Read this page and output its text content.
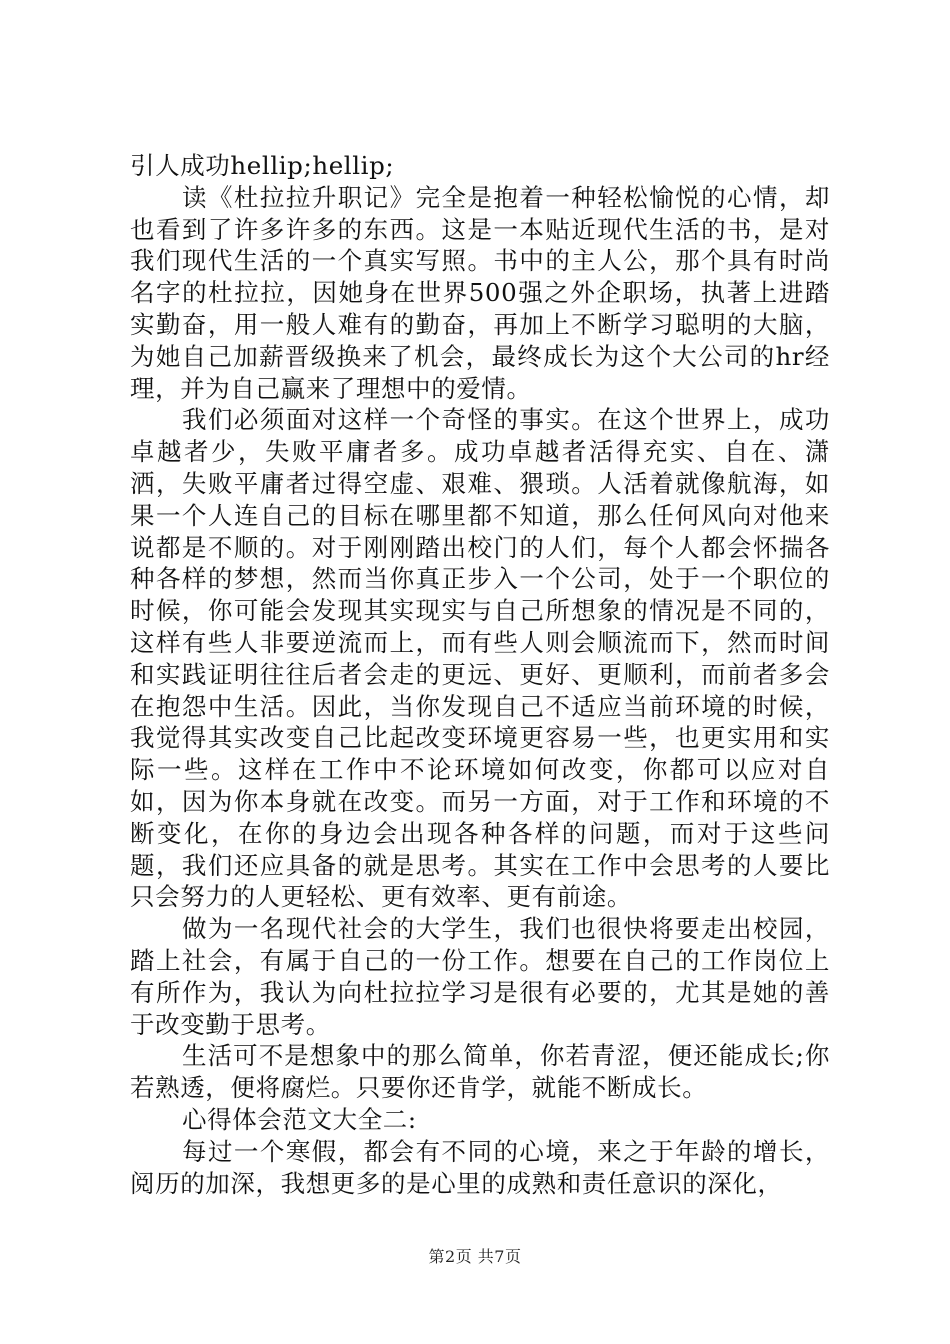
引人成功hellip;hellip;

读《杜拉拉升职记》完全是抱着一种轻松愉悦的心情，却也看到了许多许多的东西。这是一本贴近现代生活的书，是对我们现代生活的一个真实写照。书中的主人公，那个具有时尚名字的杜拉拉，因她身在世界500强之外企职场，执著上进踏实勤奋，用一般人难有的勤奋，再加上不断学习聪明的大脑，为她自己加薪晋级换来了机会，最终成长为这个大公司的hr经理，并为自己赢来了理想中的爱情。

我们必须面对这样一个奇怪的事实。在这个世界上，成功卓越者少，失败平庸者多。成功卓越者活得充实、自在、潇洒，失败平庸者过得空虚、艰难、猥琐。人活着就像航海，如果一个人连自己的目标在哪里都不知道，那么任何风向对他来说都是不顺的。对于刚刚踏出校门的人们，每个人都会怀揣各种各样的梦想，然而当你真正步入一个公司，处于一个职位的时候，你可能会发现其实现实与自己所想象的情况是不同的，这样有些人非要逆流而上，而有些人则会顺流而下，然而时间和实践证明往往后者会走的更远、更好、更顺利，而前者多会在抱怨中生活。因此，当你发现自己不适应当前环境的时候，我觉得其实改变自己比起改变环境更容易一些，也更实用和实际一些。这样在工作中不论环境如何改变，你都可以应对自如，因为你本身就在改变。而另一方面，对于工作和环境的不断变化，在你的身边会出现各种各样的问题，而对于这些问题，我们还应具备的就是思考。其实在工作中会思考的人要比只会努力的人更轻松、更有效率、更有前途。

做为一名现代社会的大学生，我们也很快将要走出校园，踏上社会，有属于自己的一份工作。想要在自己的工作岗位上有所作为，我认为向杜拉拉学习是很有必要的，尤其是她的善于改变勤于思考。

生活可不是想象中的那么简单，你若青涩，便还能成长;你若熟透，便将腐烂。只要你还肯学，就能不断成长。

心得体会范文大全二:

每过一个寒假，都会有不同的心境，来之于年龄的增长，阅历的加深，我想更多的是心里的成熟和责任意识的深化，

第2页 共7页
